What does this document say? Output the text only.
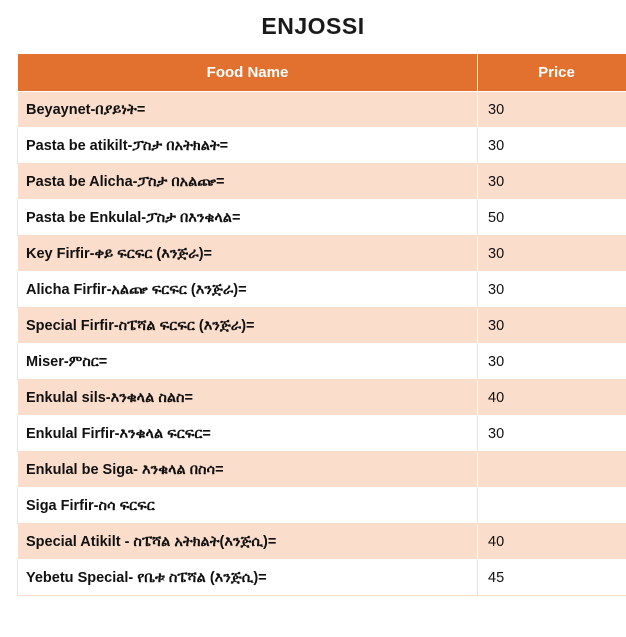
ENJOSSI
Food Name	Price
Beyaynet-በያይነት=	30
Pasta be atikilt-ፓስታ በአትክልት=	30
Pasta be Alicha-ፓስታ በአልጬ=	30
Pasta be Enkulal-ፓስታ በእንቁላል=	50
Key Firfir-ቀይ ፍርፍር (እንጅራ)=	30
Alicha Firfir-አልጬ ፍርፍር (እንጅራ)=	30
Special Firfir-ስፔሻል ፍርፍር (እንጅራ)=	30
Miser-ምስር=	30
Enkulal sils-እንቁላል ስልስ=	40
Enkulal Firfir-እንቁላል ፍርፍር=	30
Enkulal be Siga- እንቁላል በስሳ=	
Siga Firfir-ስሳ ፍርፍር	
Special Atikilt - ስፔሻል አትክልት(እንጅሲ)=	40
Yebetu Special- የቤቱ ስፔሻል (እንጅሲ)=	45
